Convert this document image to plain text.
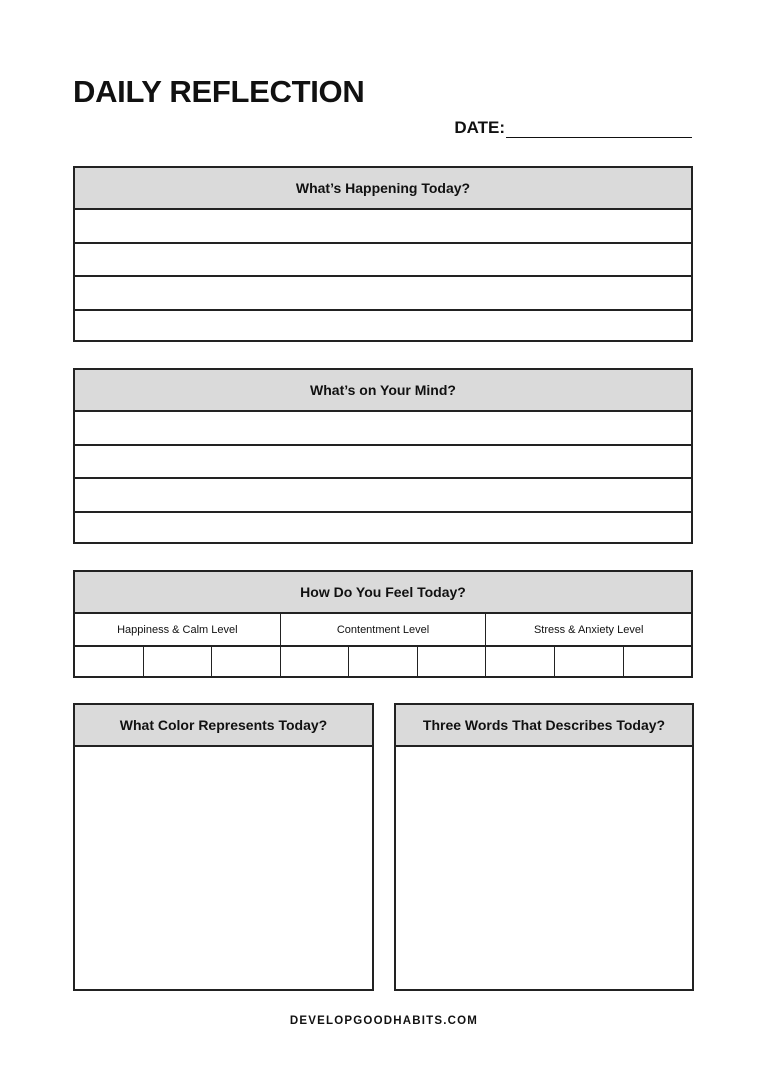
DAILY REFLECTION
DATE:
What’s Happening Today?
What’s on Your Mind?
How Do You Feel Today?
Happiness & Calm Level	Contentment Level	Stress & Anxiety Level
What Color Represents Today?	Three Words That Describes Today?
DEVELOPGOODHABITS.COM
